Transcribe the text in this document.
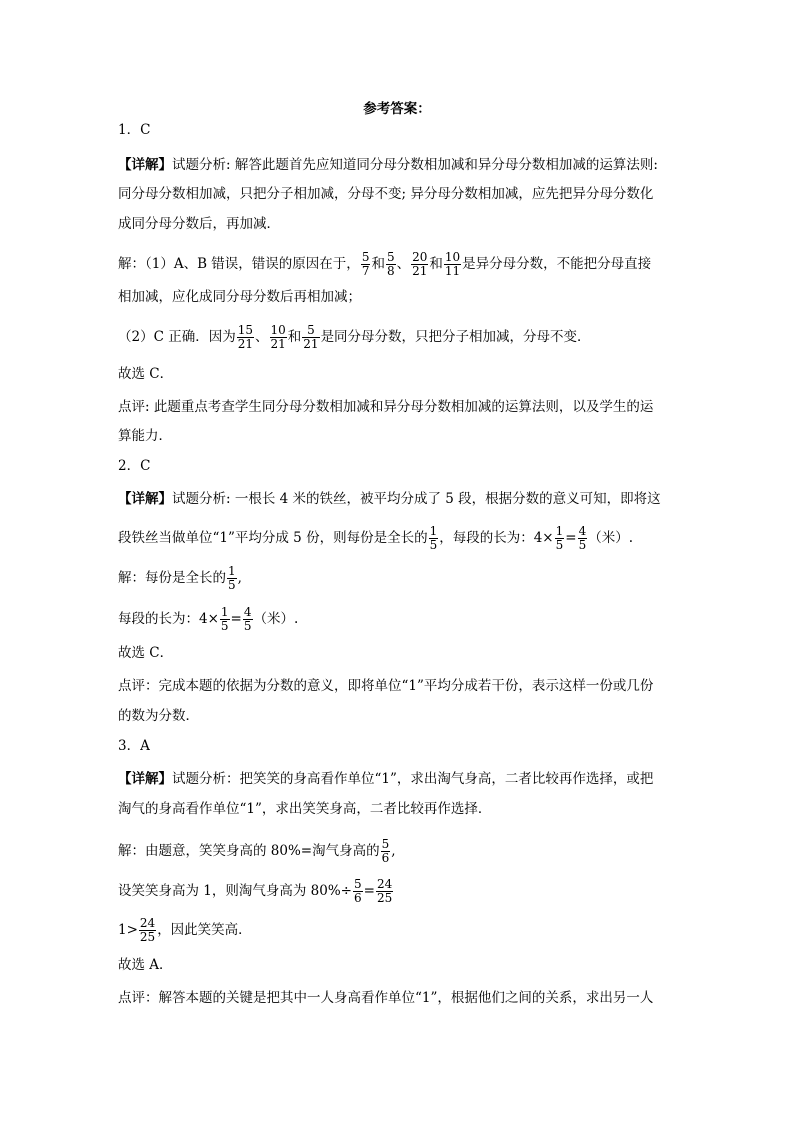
参考答案：
1．C
【详解】试题分析: 解答此题首先应知道同分母分数相加减和异分母分数相加减的运算法则:
同分母分数相加减，只把分子相加减，分母不变; 异分母分数相加减，应先把异分母分数化
成同分母分数后，再加减．
解：（1）A、B 错误，错误的原因在于， $\frac{5}{7}$ 和 $\frac{5}{8}$ 、 $\frac{20}{21}$ 和 $\frac{10}{11}$ 是异分母分数，不能把分母直接
相加减，应化成同分母分数后再相加减；
（2）C 正确．因为 $\frac{15}{21}$ 、 $\frac{10}{21}$ 和 $\frac{5}{21}$ 是同分母分数，只把分子相加减，分母不变．
故选 C．
点评: 此题重点考查学生同分母分数相加减和异分母分数相加减的运算法则，以及学生的运
算能力．
2．C
【详解】试题分析: 一根长 4 米的铁丝，被平均分成了 5 段，根据分数的意义可知，即将这
段铁丝当做单位“1”平均分成 5 份，则每份是全长的 $\frac{1}{5}$ ，每段的长为：$4\times \frac{1}{5} = \frac{4}{5}$ （米）.
解：每份是全长的 $\frac{1}{5}$ ,
每段的长为：$4\times \frac{1}{5} = \frac{4}{5}$ （米）.
故选 C．
点评：完成本题的依据为分数的意义，即将单位“1”平均分成若干份，表示这样一份或几份
的数为分数．
3．A
【详解】试题分析：把笑笑的身高看作单位“1”，求出淘气身高，二者比较再作选择，或把
淘气的身高看作单位“1”，求出笑笑身高，二者比较再作选择．
解：由题意，笑笑身高的 80%=淘气身高的 $\frac{5}{6}$ ,
设笑笑身高为 1，则淘气身高为 $80\%\div \frac{5}{6} = \frac{24}{25}$
$1> \frac{24}{25}$ ，因此笑笑高．
故选 A．
点评：解答本题的关键是把其中一人身高看作单位“1”，根据他们之间的关系，求出另一人
